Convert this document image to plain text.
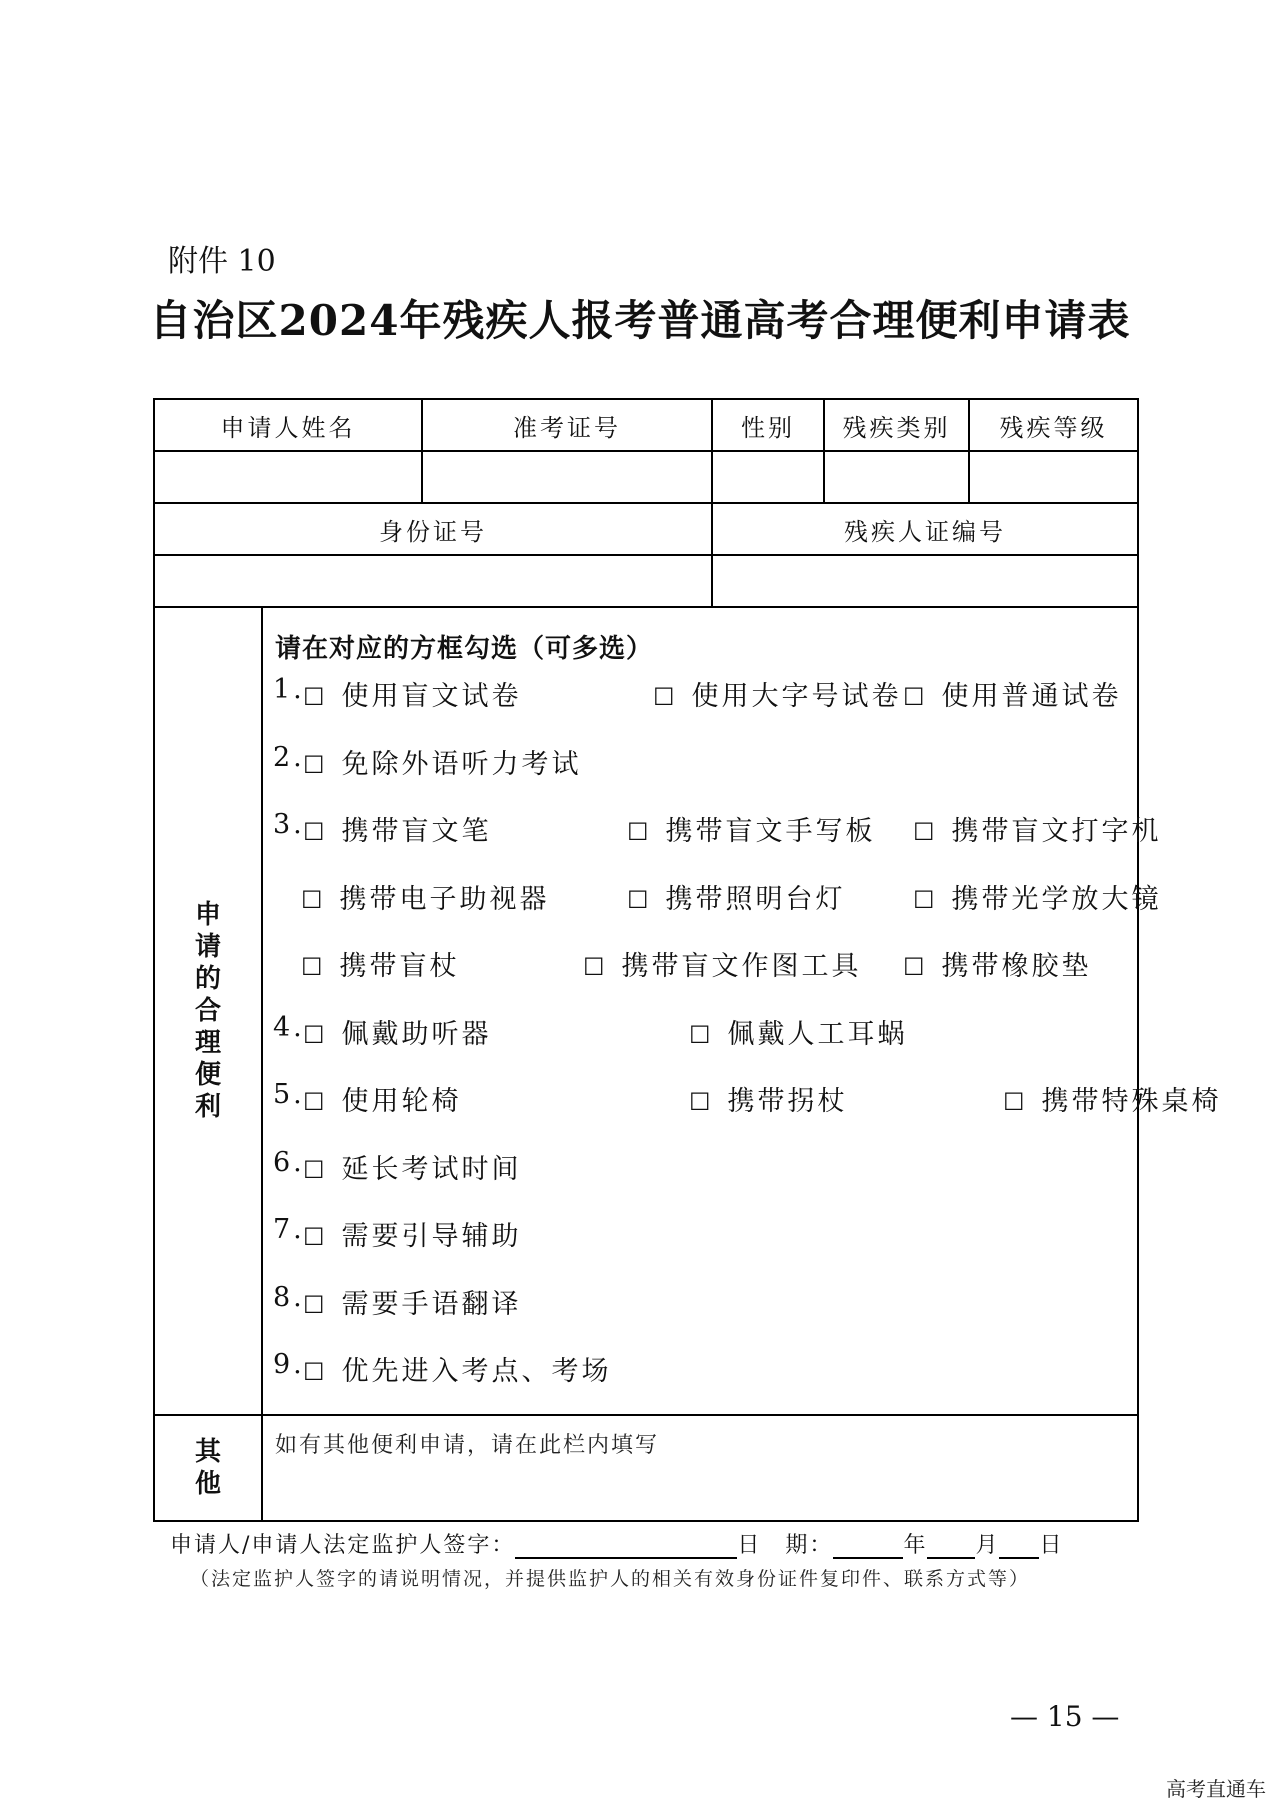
附件 10
自治区2024年残疾人报考普通高考合理便利申请表
申请人姓名	准考证号	性别	残疾类别	残疾等级
身份证号	残疾人证编号
申
请
的
合
理
便
利
请在对应的方框勾选（可多选）
1.
☐ 使用盲文试卷	☐ 使用大字号试卷 ☐ 使用普通试卷
2.
☐ 免除外语听力考试
3.
☐ 携带盲文笔	☐ 携带盲文手写板 ☐ 携带盲文打字机
☐ 携带电子助视器	☐ 携带照明台灯	☐ 携带光学放大镜
☐ 携带盲杖	☐ 携带盲文作图工具 ☐ 携带橡胶垫
4.
☐ 佩戴助听器	☐ 佩戴人工耳蜗
5.
☐ 使用轮椅	☐ 携带拐杖	☐ 携带特殊桌椅
6.
☐ 延长考试时间
7.
☐ 需要引导辅助
8.
☐ 需要手语翻译
9.
☐ 优先进入考点、考场
其
他
如有其他便利申请，请在此栏内填写
申请人/申请人法定监护人签字：	日　期：	年 月 日
（法定监护人签字的请说明情况，并提供监护人的相关有效身份证件复印件、联系方式等）
— 15 —
高考直通车
